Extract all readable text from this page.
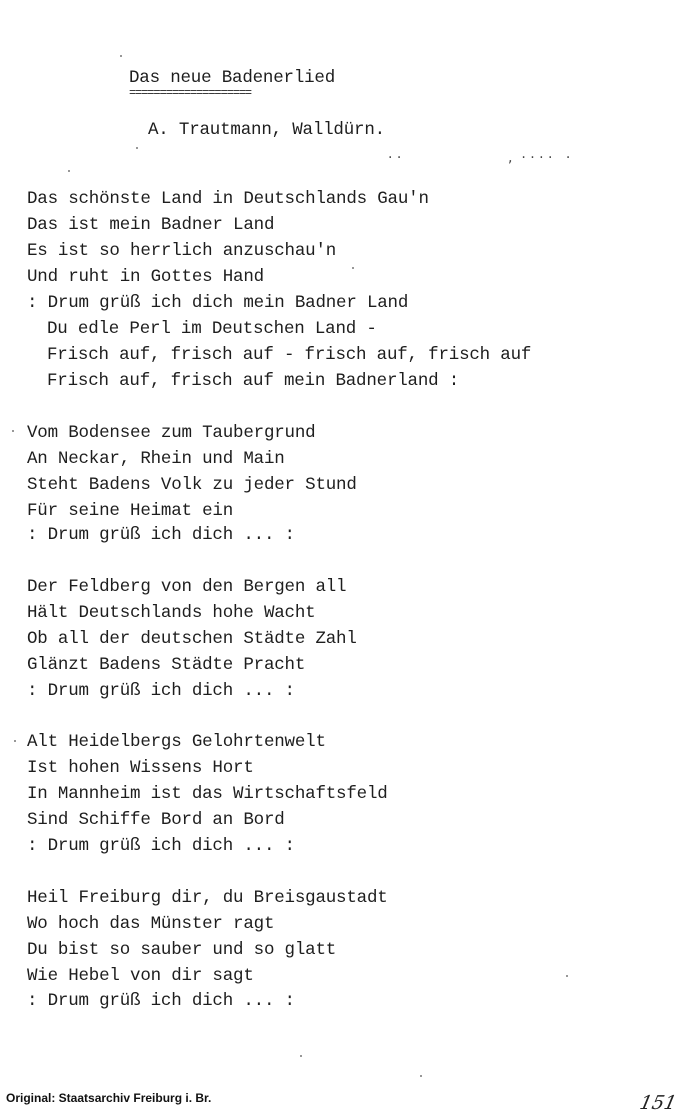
Das neue Badenerlied
====================
A. Trautmann, Walldürn.
· ·	,  · · · ·   ·
Das schönste Land in Deutschlands Gau'n
Das ist mein Badner Land
Es ist so herrlich anzuschau'n
Und ruht in Gottes Hand
: Drum grüß ich dich mein Badner Land
Du edle Perl im Deutschen Land -
Frisch auf, frisch auf - frisch auf, frisch auf
Frisch auf, frisch auf mein Badnerland :
Vom Bodensee zum Taubergrund
An Neckar, Rhein und Main
Steht Badens Volk zu jeder Stund
Für seine Heimat ein
: Drum grüß ich dich ... :
Der Feldberg von den Bergen all
Hält Deutschlands hohe Wacht
Ob all der deutschen Städte Zahl
Glänzt Badens Städte Pracht
: Drum grüß ich dich ... :
Alt Heidelbergs Gelohrtenwelt
Ist hohen Wissens Hort
In Mannheim ist das Wirtschaftsfeld
Sind Schiffe Bord an Bord
: Drum grüß ich dich ... :
Heil Freiburg dir, du Breisgaustadt
Wo hoch das Münster ragt
Du bist so sauber und so glatt
Wie Hebel von dir sagt
: Drum grüß ich dich ... :
Original: Staatsarchiv Freiburg i. Br.	151
